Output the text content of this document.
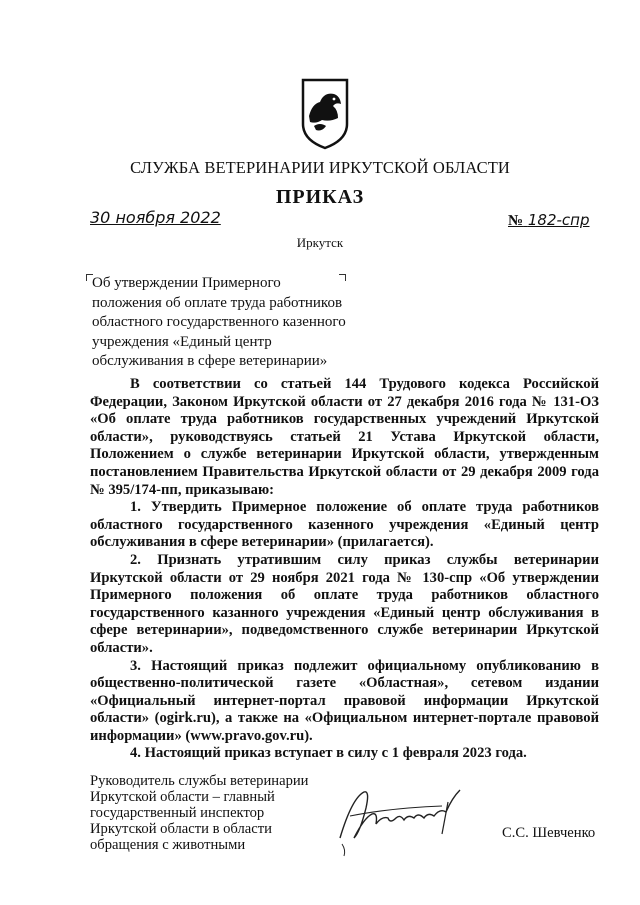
СЛУЖБА ВЕТЕРИНАРИИ ИРКУТСКОЙ ОБЛАСТИ
ПРИКАЗ
30 ноября 2022	№ 182-спр
Иркутск
Об утверждении Примерного
положения об оплате труда работников
областного государственного казенного
учреждения «Единый центр
обслуживания в сфере ветеринарии»

В соответствии со статьей 144 Трудового кодекса Российской Федерации, Законом Иркутской области от 27 декабря 2016 года № 131-ОЗ «Об оплате труда работников государственных учреждений Иркутской области», руководствуясь статьей 21 Устава Иркутской области, Положением о службе ветеринарии Иркутской области, утвержденным постановлением Правительства Иркутской области от 29 декабря 2009 года № 395/174-пп, приказываю:

1. Утвердить Примерное положение об оплате труда работников областного государственного казенного учреждения «Единый центр обслуживания в сфере ветеринарии» (прилагается).

2. Признать утратившим силу приказ службы ветеринарии Иркутской области от 29 ноября 2021 года № 130-спр «Об утверждении Примерного положения об оплате труда работников областного государственного казанного учреждения «Единый центр обслуживания в сфере ветеринарии», подведомственного службе ветеринарии Иркутской области».

3. Настоящий приказ подлежит официальному опубликованию в общественно-политической газете «Областная», сетевом издании «Официальный интернет-портал правовой информации Иркутской области» (ogirk.ru), а также на «Официальном интернет-портале правовой информации» (www.pravo.gov.ru).

4. Настоящий приказ вступает в силу с 1 февраля 2023 года.

Руководитель службы ветеринарии
Иркутской области – главный
государственный инспектор
Иркутской области в области
обращения с животными
С.С. Шевченко
